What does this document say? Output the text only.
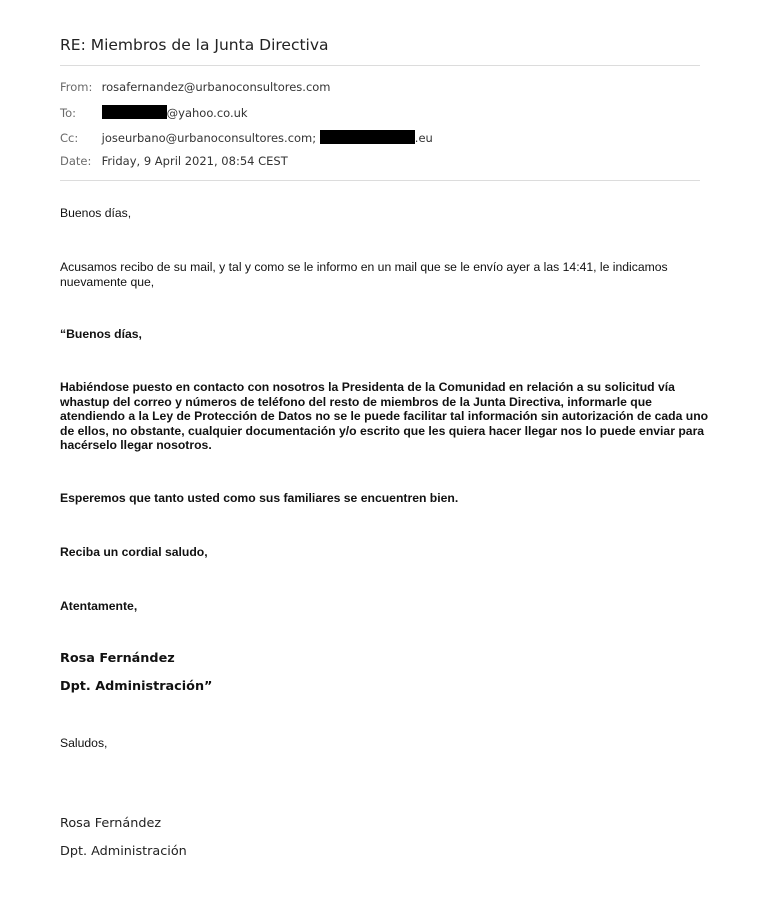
RE: Miembros de la Junta Directiva
From: rosafernandez@urbanoconsultores.com
To:	@yahoo.co.uk
Cc: joseurbano@urbanoconsultores.com;	.eu
Date: Friday, 9 April 2021, 08:54 CEST
Buenos días,
Acusamos recibo de su mail, y tal y como se le informo en un mail que se le envío ayer a las 14:41, le indicamos nuevamente que,
“Buenos días,
Habiéndose puesto en contacto con nosotros la Presidenta de la Comunidad en relación a su solicitud vía whastup del correo y números de teléfono del resto de miembros de la Junta Directiva, informarle que atendiendo a la Ley de Protección de Datos no se le puede facilitar tal información sin autorización de cada uno de ellos, no obstante, cualquier documentación y/o escrito que les quiera hacer llegar nos lo puede enviar para hacérselo llegar nosotros.
Esperemos que tanto usted como sus familiares se encuentren bien.
Reciba un cordial saludo,
Atentamente,
Rosa Fernández
Dpt. Administración”
Saludos,
Rosa Fernández
Dpt. Administración
